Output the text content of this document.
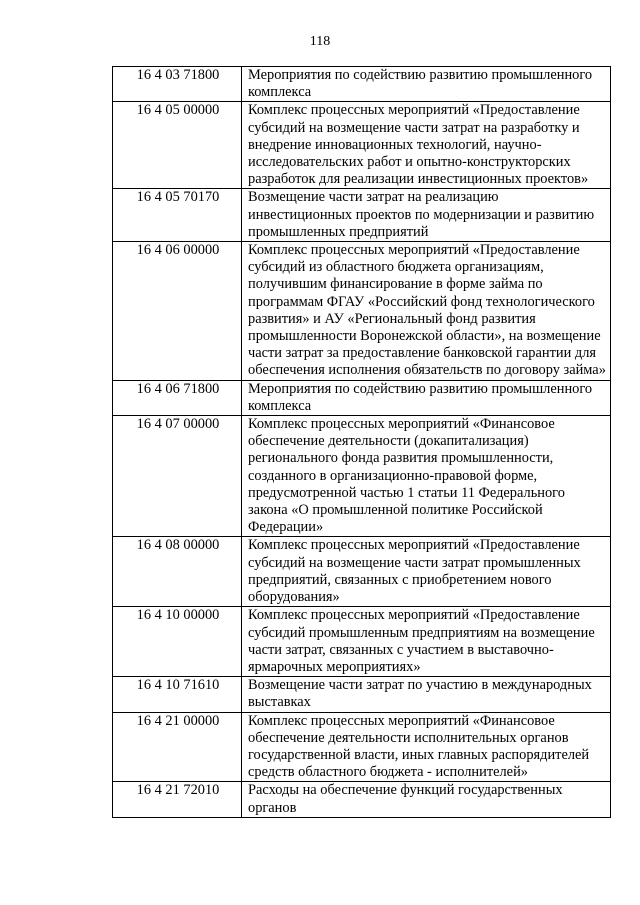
118
16 4 03 71800	Мероприятия по содействию развитию промышленного комплекса
16 4 05 00000	Комплекс процессных мероприятий «Предоставление субсидий на возмещение части затрат на разработку и внедрение инновационных технологий, научно-исследовательских работ и опытно-конструкторских разработок для реализации инвестиционных проектов»
16 4 05 70170	Возмещение части затрат на реализацию инвестиционных проектов по модернизации и развитию промышленных предприятий
16 4 06 00000	Комплекс процессных мероприятий «Предоставление субсидий из областного бюджета организациям, получившим финансирование в форме займа по программам ФГАУ «Российский фонд технологического развития» и АУ «Региональный фонд развития промышленности Воронежской области», на возмещение части затрат за предоставление банковской гарантии для обеспечения исполнения обязательств по договору займа»
16 4 06 71800	Мероприятия по содействию развитию промышленного комплекса
16 4 07 00000	Комплекс процессных мероприятий «Финансовое обеспечение деятельности (докапитализация) регионального фонда развития промышленности, созданного в организационно-правовой форме, предусмотренной частью 1 статьи 11 Федерального закона «О промышленной политике Российской Федерации»
16 4 08 00000	Комплекс процессных мероприятий «Предоставление субсидий на возмещение части затрат промышленных предприятий, связанных с приобретением нового оборудования»
16 4 10 00000	Комплекс процессных мероприятий «Предоставление субсидий промышленным предприятиям на возмещение части затрат, связанных с участием в выставочно-ярмарочных мероприятиях»
16 4 10 71610	Возмещение части затрат по участию в международных выставках
16 4 21 00000	Комплекс процессных мероприятий «Финансовое обеспечение деятельности исполнительных органов государственной власти, иных главных распорядителей средств областного бюджета - исполнителей»
16 4 21 72010	Расходы на обеспечение функций государственных органов
